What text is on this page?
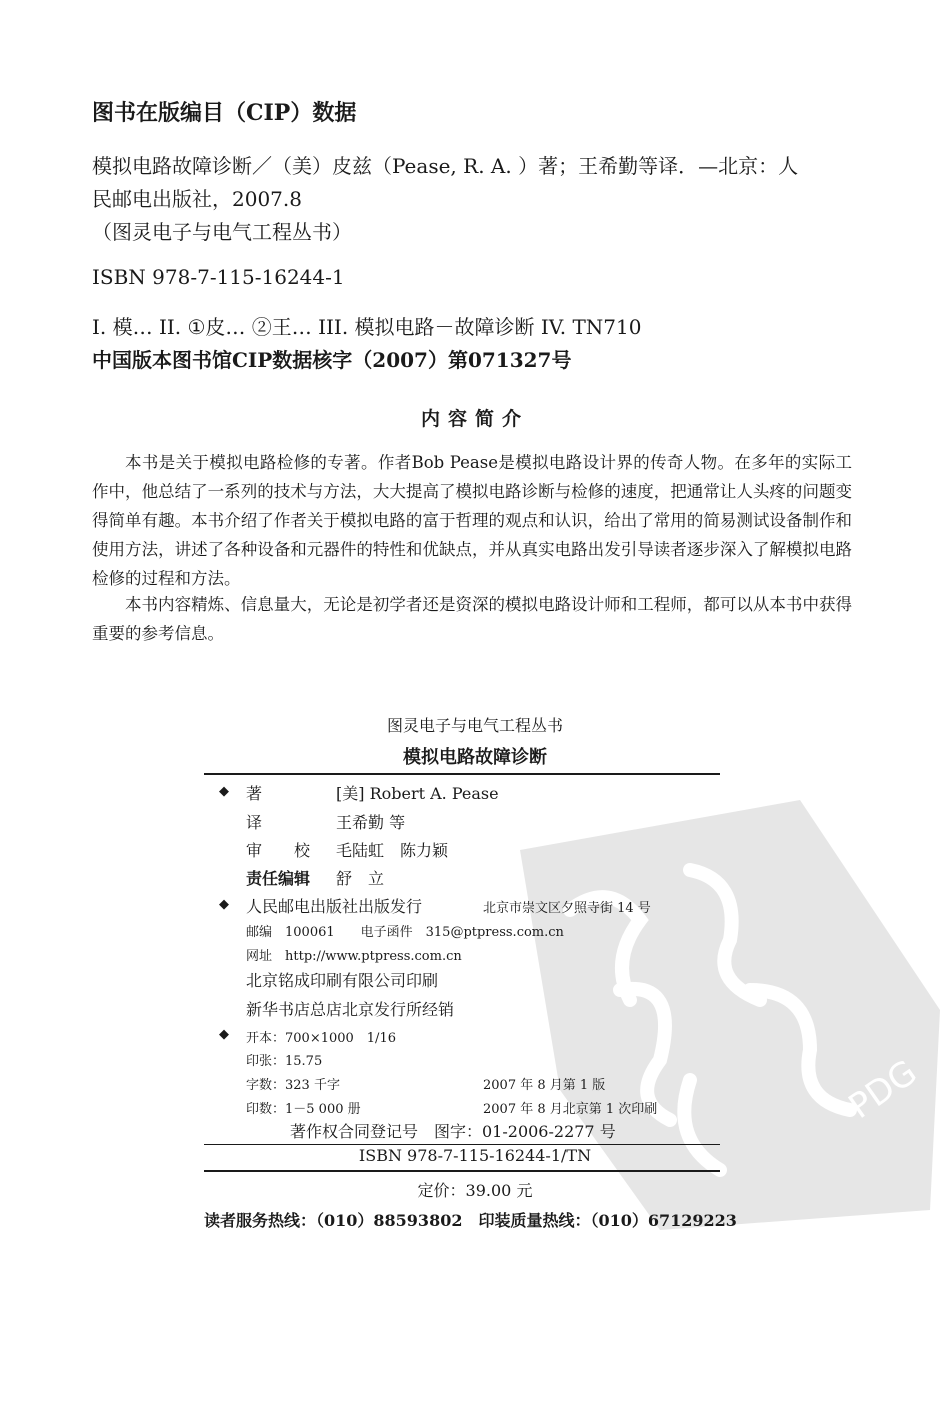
图书在版编目（CIP）数据
模拟电路故障诊断／（美）皮兹（Pease, R. A. ）著；王希勤等译．—北京：人
民邮电出版社，2007.8
（图灵电子与电气工程丛书）
ISBN 978-7-115-16244-1
I. 模… II. ①皮… ②王… III. 模拟电路－故障诊断 IV. TN710
中国版本图书馆CIP数据核字（2007）第071327号
内容简介
本书是关于模拟电路检修的专著。作者Bob Pease是模拟电路设计界的传奇人物。在多年的实际工作中，他总结了一系列的技术与方法，大大提高了模拟电路诊断与检修的速度，把通常让人头疼的问题变得简单有趣。本书介绍了作者关于模拟电路的富于哲理的观点和认识，给出了常用的简易测试设备制作和使用方法，讲述了各种设备和元器件的特性和优缺点，并从真实电路出发引导读者逐步深入了解模拟电路检修的过程和方法。
本书内容精炼、信息量大，无论是初学者还是资深的模拟电路设计师和工程师，都可以从本书中获得重要的参考信息。
PDG
图灵电子与电气工程丛书
模拟电路故障诊断
◆ 著	[美] Robert A. Pease
译	王希勤 等
审　　校 毛陆虹　陈力颖
责任编辑 舒　立
◆ 人民邮电出版社出版发行	北京市崇文区夕照寺街 14 号
邮编　100061　　电子函件　315@ptpress.com.cn
网址　http://www.ptpress.com.cn
北京铭成印刷有限公司印刷
新华书店总店北京发行所经销
◆ 开本：700×1000　1/16
印张：15.75
字数：323 千字	2007 年 8 月第 1 版
印数：1－5 000 册	2007 年 8 月北京第 1 次印刷
著作权合同登记号　图字：01-2006-2277 号
ISBN 978-7-115-16244-1/TN
定价：39.00 元
读者服务热线：（010）88593802　印装质量热线：（010）67129223
